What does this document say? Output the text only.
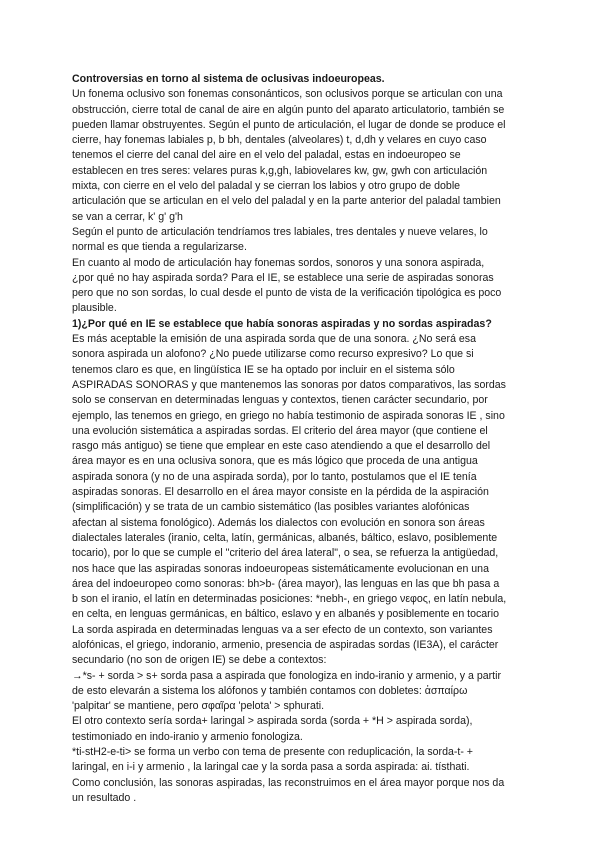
Controversias en torno al sistema de oclusivas indoeuropeas.
Un fonema oclusivo son fonemas consonánticos, son oclusivos porque se articulan con una
obstrucción, cierre total de canal de aire en algún punto del aparato articulatorio, también se
pueden llamar obstruyentes. Según el punto de articulación, el lugar de donde se produce el
cierre, hay fonemas labiales p, b bh, dentales (alveolares) t, d,dh y velares en cuyo caso
tenemos el cierre del canal del aire en el velo del paladal, estas en indoeuropeo se
establecen en tres seres: velares puras k,g,gh, labiovelares kw, gw, gwh con articulación
mixta, con cierre en el velo del paladal y se cierran los labios y otro grupo de doble
articulación que se articulan en el velo del paladal y en la parte anterior del paladal tambien
se van a cerrar, k' g' g'h
Según el punto de articulación tendríamos tres labiales, tres dentales y nueve velares, lo
normal es que tienda a regularizarse.
En cuanto al modo de articulación hay fonemas sordos, sonoros y una sonora aspirada,
¿por qué no hay aspirada sorda? Para el IE, se establece una serie de aspiradas sonoras
pero que no son sordas, lo cual desde el punto de vista de la verificación tipológica es poco
plausible.
1)¿Por qué en IE se establece que había sonoras aspiradas y no sordas aspiradas?
Es más aceptable la emisión de una aspirada sorda que de una sonora. ¿No será esa
sonora aspirada un alofono? ¿No puede utilizarse como recurso expresivo? Lo que si
tenemos claro es que, en lingüística IE se ha optado por incluir en el sistema sólo
ASPIRADAS SONORAS y que mantenemos las sonoras por datos comparativos, las sordas
solo se conservan en determinadas lenguas y contextos, tienen carácter secundario, por
ejemplo, las tenemos en griego, en griego no había testimonio de aspirada sonoras IE , sino
una evolución sistemática a aspiradas sordas. El criterio del área mayor (que contiene el
rasgo más antiguo) se tiene que emplear en este caso atendiendo a que el desarrollo del
área mayor es en una oclusiva sonora, que es más lógico que proceda de una antigua
aspirada sonora (y no de una aspirada sorda), por lo tanto, postulamos que el IE tenía
aspiradas sonoras. El desarrollo en el área mayor consiste en la pérdida de la aspiración
(simplificación) y se trata de un cambio sistemático (las posibles variantes alofónicas
afectan al sistema fonológico). Además los dialectos con evolución en sonora son áreas
dialectales laterales (iranio, celta, latín, germánicas, albanés, báltico, eslavo, posiblemente
tocario), por lo que se cumple el "criterio del área lateral", o sea, se refuerza la antigüedad,
nos hace que las aspiradas sonoras indoeuropeas sistemáticamente evolucionan en una
área del indoeuropeo como sonoras: bh>b- (área mayor), las lenguas en las que bh pasa a
b son el iranio, el latín en determinadas posiciones: *nebh-, en griego νεφος, en latín nebula,
en celta, en lenguas germánicas, en báltico, eslavo y en albanés y posiblemente en tocario
La sorda aspirada en determinadas lenguas va a ser efecto de un contexto, son variantes
alofónicas, el griego, indoranio, armenio, presencia de aspiradas sordas (IE3A), el carácter
secundario (no son de origen IE) se debe a contextos:
→*s- + sorda > s+ sorda pasa a aspirada que fonologiza en indo-iranio y armenio, y a partir
de esto elevarán a sistema los alófonos y también contamos con dobletes: ἀσπαίρω
'palpitar' se mantiene, pero σφαῖρα 'pelota' > sphurati.
El otro contexto sería sorda+ laringal > aspirada sorda (sorda + *H > aspirada sorda),
testimoniado en indo-iranio y armenio fonologiza.
*ti-stH2-e-ti> se forma un verbo con tema de presente con reduplicación, la sorda-t- +
laringal, en i-i y armenio , la laringal cae y la sorda pasa a sorda aspirada: ai. tísthati.
Como conclusión, las sonoras aspiradas, las reconstruimos en el área mayor porque nos da
un resultado .
